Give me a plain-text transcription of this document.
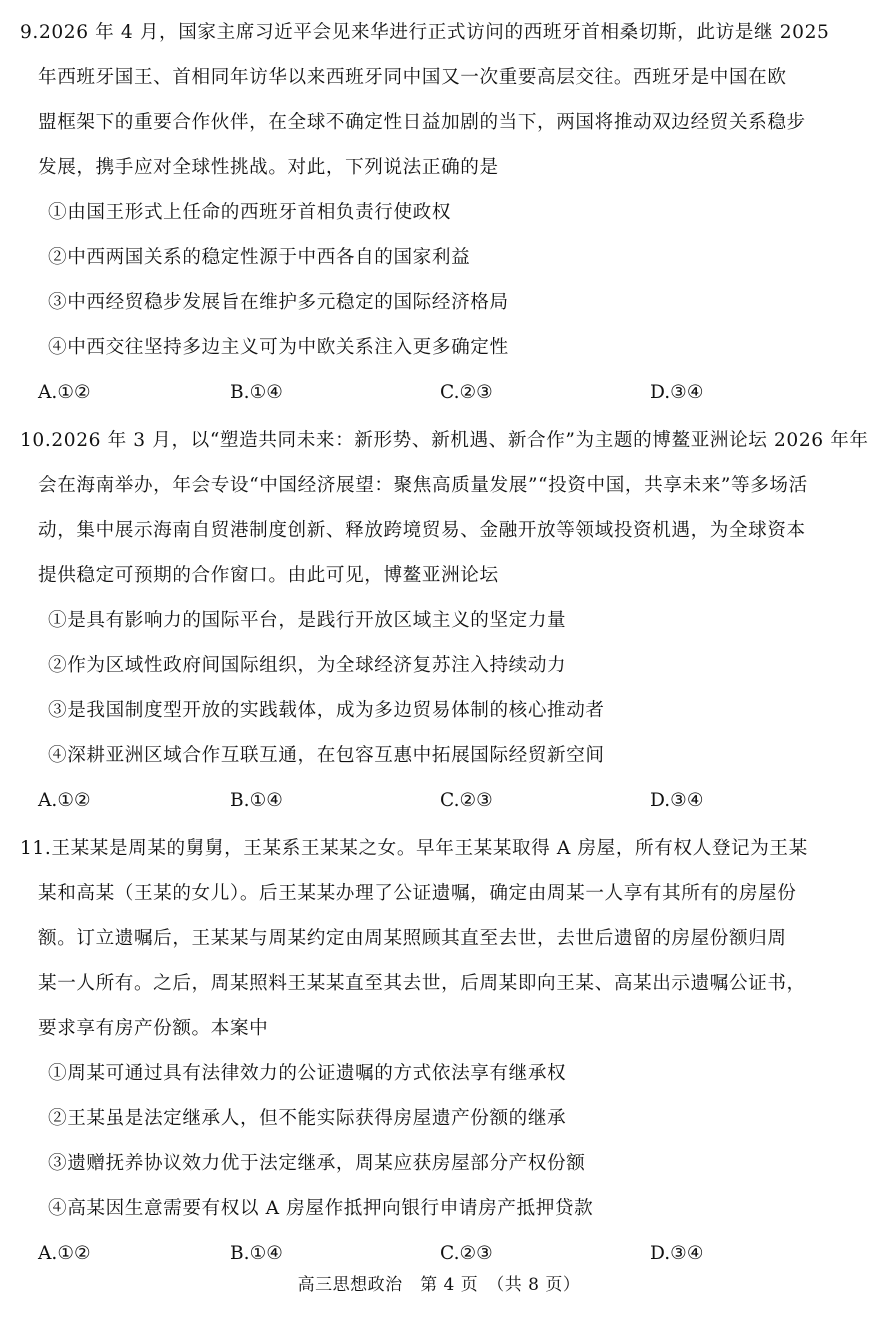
9.2026 年 4 月，国家主席习近平会见来华进行正式访问的西班牙首相桑切斯，此访是继 2025
年西班牙国王、首相同年访华以来西班牙同中国又一次重要高层交往。西班牙是中国在欧
盟框架下的重要合作伙伴，在全球不确定性日益加剧的当下，两国将推动双边经贸关系稳步
发展，携手应对全球性挑战。对此，下列说法正确的是
①由国王形式上任命的西班牙首相负责行使政权
②中西两国关系的稳定性源于中西各自的国家利益
③中西经贸稳步发展旨在维护多元稳定的国际经济格局
④中西交往坚持多边主义可为中欧关系注入更多确定性
A.①②	B.①④	C.②③	D.③④
10.2026 年 3 月，以“塑造共同未来：新形势、新机遇、新合作”为主题的博鳌亚洲论坛 2026 年年
会在海南举办，年会专设“中国经济展望：聚焦高质量发展”“投资中国，共享未来”等多场活
动，集中展示海南自贸港制度创新、释放跨境贸易、金融开放等领域投资机遇，为全球资本
提供稳定可预期的合作窗口。由此可见，博鳌亚洲论坛
①是具有影响力的国际平台，是践行开放区域主义的坚定力量
②作为区域性政府间国际组织，为全球经济复苏注入持续动力
③是我国制度型开放的实践载体，成为多边贸易体制的核心推动者
④深耕亚洲区域合作互联互通，在包容互惠中拓展国际经贸新空间
A.①②	B.①④	C.②③	D.③④
11.王某某是周某的舅舅，王某系王某某之女。早年王某某取得 A 房屋，所有权人登记为王某
某和高某（王某的女儿）。后王某某办理了公证遗嘱，确定由周某一人享有其所有的房屋份
额。订立遗嘱后，王某某与周某约定由周某照顾其直至去世，去世后遗留的房屋份额归周
某一人所有。之后，周某照料王某某直至其去世，后周某即向王某、高某出示遗嘱公证书，
要求享有房产份额。本案中
①周某可通过具有法律效力的公证遗嘱的方式依法享有继承权
②王某虽是法定继承人，但不能实际获得房屋遗产份额的继承
③遗赠抚养协议效力优于法定继承，周某应获房屋部分产权份额
④高某因生意需要有权以 A 房屋作抵押向银行申请房产抵押贷款
A.①②	B.①④	C.②③	D.③④
高三思想政治　第 4 页　（共 8 页）
